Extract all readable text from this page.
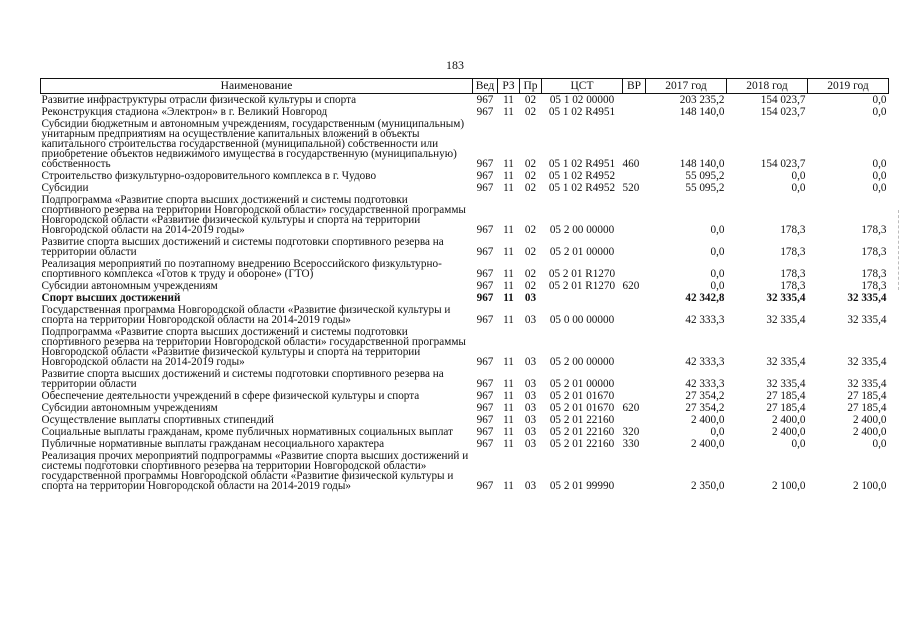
183
Наименование	Вед	РЗ	Пр	ЦСТ	ВР	2017 год	2018 год	2019 год
Развитие инфраструктуры отрасли физической культуры и спорта	967	11	02	05 1 02 00000		203 235,2	154 023,7	0,0
Реконструкция стадиона «Электрон» в г. Великий Новгород	967	11	02	05 1 02 R4951		148 140,0	154 023,7	0,0
Субсидии бюджетным и автономным учреждениям, государственным (муниципальным) унитарным предприятиям на осуществление капитальных вложений в объекты капитального строительства государственной (муниципальной) собственности или приобретение объектов недвижимого имущества в государственную (муниципальную) собственность	967	11	02	05 1 02 R4951	460	148 140,0	154 023,7	0,0
Строительство физкультурно-оздоровительного комплекса в г. Чудово	967	11	02	05 1 02 R4952		55 095,2	0,0	0,0
Субсидии	967	11	02	05 1 02 R4952	520	55 095,2	0,0	0,0
Подпрограмма «Развитие спорта высших достижений и системы подготовки спортивного резерва на территории Новгородской области» государственной программы Новгородской области «Развитие физической культуры и спорта на территории Новгородской области на 2014-2019 годы»	967	11	02	05 2 00 00000		0,0	178,3	178,3
Развитие спорта высших достижений и системы подготовки спортивного резерва на территории области	967	11	02	05 2 01 00000		0,0	178,3	178,3
Реализация мероприятий по поэтапному внедрению Всероссийского физкультурно-спортивного комплекса «Готов к труду и обороне» (ГТО)	967	11	02	05 2 01 R1270		0,0	178,3	178,3
Субсидии автономным учреждениям	967	11	02	05 2 01 R1270	620	0,0	178,3	178,3
Спорт высших достижений	967	11	03			42 342,8	32 335,4	32 335,4
Государственная программа Новгородской области «Развитие физической культуры и спорта на территории Новгородской области на 2014-2019 годы»	967	11	03	05 0 00 00000		42 333,3	32 335,4	32 335,4
Подпрограмма «Развитие спорта высших достижений и системы подготовки спортивного резерва на территории Новгородской области» государственной программы Новгородской области «Развитие физической культуры и спорта на территории Новгородской области на 2014-2019 годы»	967	11	03	05 2 00 00000		42 333,3	32 335,4	32 335,4
Развитие спорта высших достижений и системы подготовки спортивного резерва на территории области	967	11	03	05 2 01 00000		42 333,3	32 335,4	32 335,4
Обеспечение деятельности учреждений в сфере физической культуры и спорта	967	11	03	05 2 01 01670		27 354,2	27 185,4	27 185,4
Субсидии автономным учреждениям	967	11	03	05 2 01 01670	620	27 354,2	27 185,4	27 185,4
Осуществление выплаты спортивных стипендий	967	11	03	05 2 01 22160		2 400,0	2 400,0	2 400,0
Социальные выплаты гражданам, кроме публичных нормативных социальных выплат	967	11	03	05 2 01 22160	320	0,0	2 400,0	2 400,0
Публичные нормативные выплаты гражданам несоциального характера	967	11	03	05 2 01 22160	330	2 400,0	0,0	0,0
Реализация прочих мероприятий подпрограммы «Развитие спорта высших достижений и системы подготовки спортивного резерва на территории Новгородской области» государственной программы Новгородской области «Развитие физической культуры и спорта на территории Новгородской области на 2014-2019 годы»	967	11	03	05 2 01 99990		2 350,0	2 100,0	2 100,0
